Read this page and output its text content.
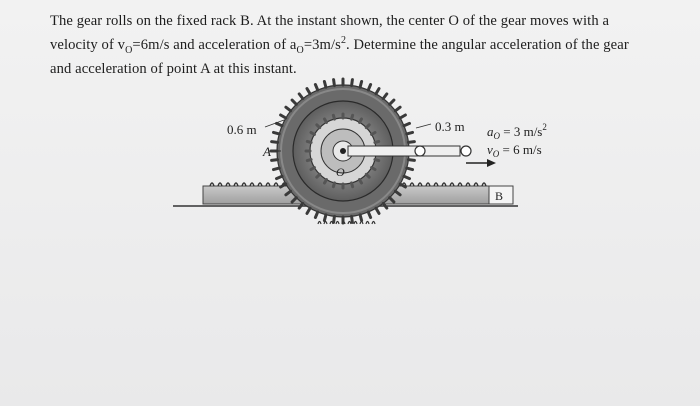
The gear rolls on the fixed rack B. At the instant shown, the center O of the gear moves with a
velocity of $v_O=6m/s$ and acceleration of $a_O=3m/s^2$. Determine the angular acceleration of the gear
and acceleration of point A at this instant.
0.6 m	0.3 m
A
O
B
$a_O = 3$ $m/s^2$
$v_O = 6$ m/s
